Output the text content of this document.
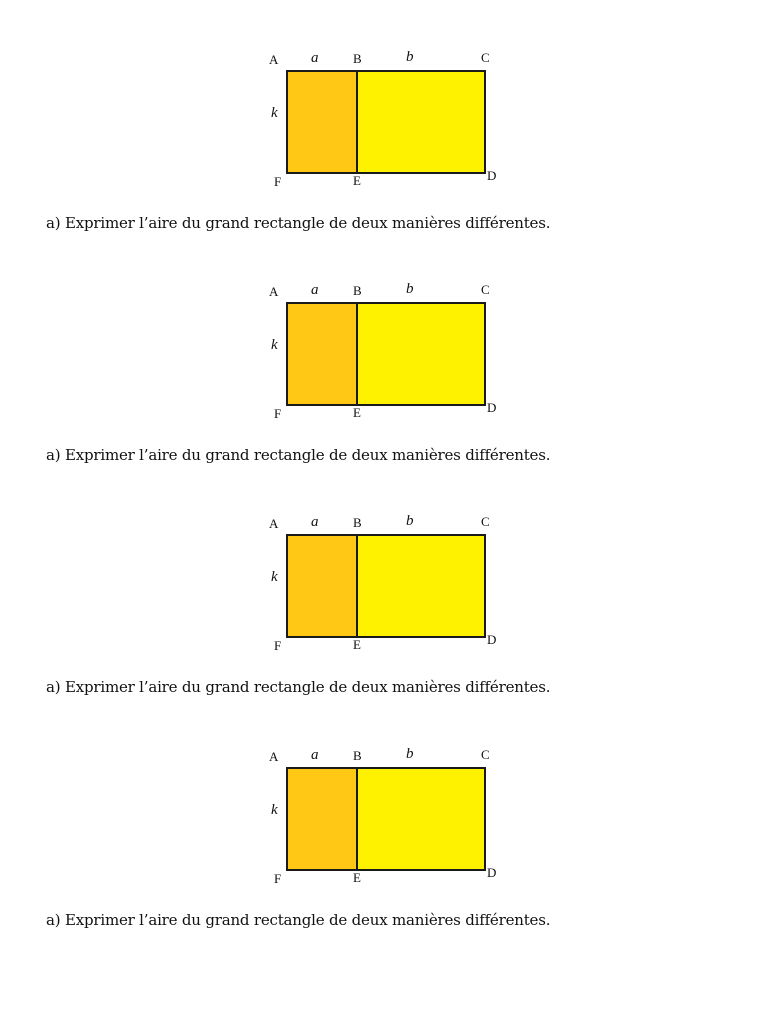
A a	B	b	C
k
F	E	D
a) Exprimer l’aire du grand rectangle de deux manières différentes.
A a	B	b	C
k
F	E	D
a) Exprimer l’aire du grand rectangle de deux manières différentes.
A a	B	b	C
k
F	E	D
a) Exprimer l’aire du grand rectangle de deux manières différentes.
A a	B	b	C
k
F	E	D
a) Exprimer l’aire du grand rectangle de deux manières différentes.
